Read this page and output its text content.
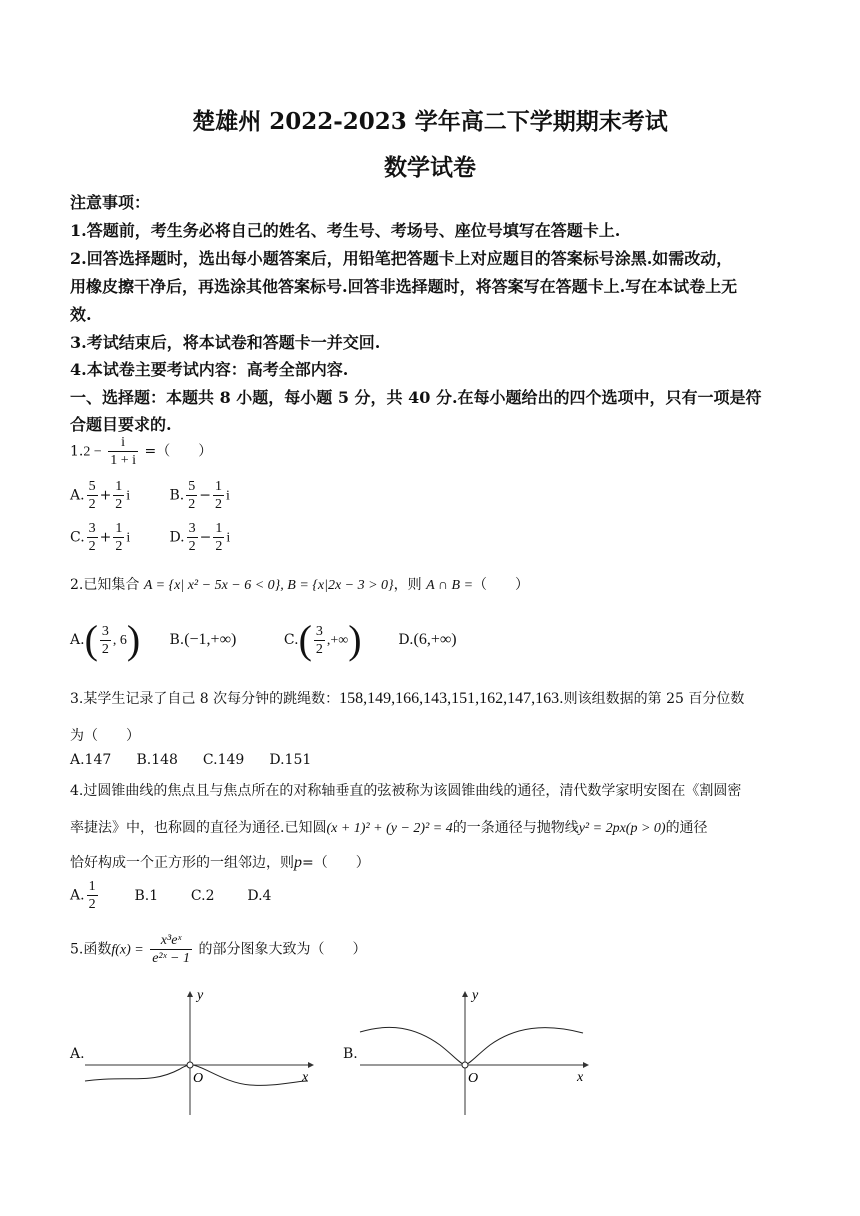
楚雄州 2022-2023 学年高二下学期期末考试
数学试卷
注意事项：
1.答题前，考生务必将自己的姓名、考生号、考场号、座位号填写在答题卡上.
2.回答选择题时，选出每小题答案后，用铅笔把答题卡上对应题目的答案标号涂黑.如需改动，
用橡皮擦干净后，再选涂其他答案标号.回答非选择题时，将答案写在答题卡上.写在本试卷上无
效.
3.考试结束后，将本试卷和答题卡一并交回.
4.本试卷主要考试内容：高考全部内容.
一、选择题：本题共 8 小题，每小题 5 分，共 40 分.在每小题给出的四个选项中，只有一项是符
合题目要求的.
$1.2 - \frac{i}{1 + i}$ =（　　）
A. $\frac{5}{2} + \frac{1}{2}$ i	B. $\frac{5}{2} - \frac{1}{2}$ i
C. $\frac{3}{2} + \frac{1}{2}$ i	D. $\frac{3}{2} - \frac{1}{2}$ i
2.已知集合 A = {x| x² − 5x − 6 < 0}, B = {x|2x − 3 > 0}，则 A ∩ B =（　　）
$A.( \frac{3}{2}$ , 6) B.(−1,+∞)	$C.( \frac{3}{2}$ ,+∞)	D.(6,+∞)
3.某学生记录了自己 8 次每分钟的跳绳数：158,149,166,143,151,162,147,163.则该组数据的第 25 百分位数
为（　　）
A.147 B.148 C.149 D.151
4.过圆锥曲线的焦点且与焦点所在的对称轴垂直的弦被称为该圆锥曲线的通径，清代数学家明安图在《割圆密
率捷法》中，也称圆的直径为通径.已知圆(x + 1)² + (y − 2)² = 4的一条通径与抛物线y² = 2px(p > 0)的通径
恰好构成一个正方形的一组邻边，则p=（　　）
A. $\frac{1}{2}$	B.1 C.2 D.4
5.函数$f(x) = \frac{\text{x³eˣ}}{\text{e²ˣ − 1}}$ 的部分图象大致为（　　）
A.
x
y
O
B.
x
y
O
